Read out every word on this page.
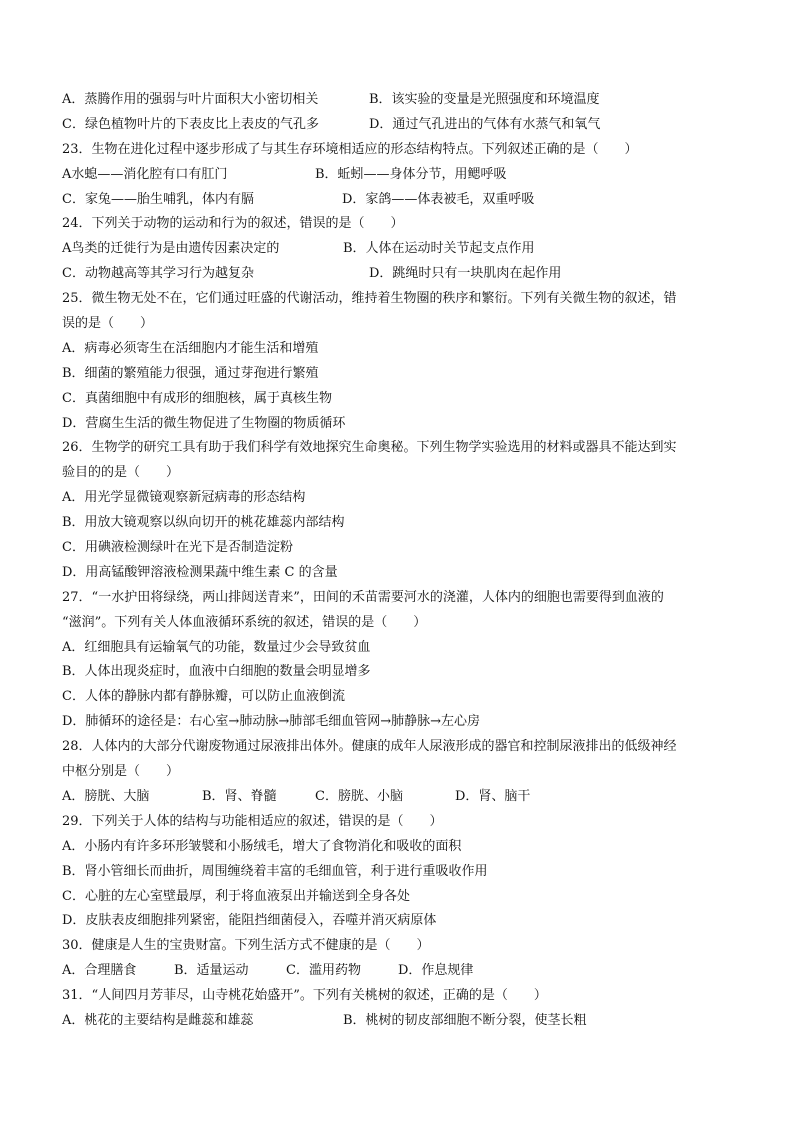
A．蒸腾作用的强弱与叶片面积大小密切相关	B．该实验的变量是光照强度和环境温度
C．绿色植物叶片的下表皮比上表皮的气孔多	D．通过气孔进出的气体有水蒸气和氧气
23．生物在进化过程中逐步形成了与其生存环境相适应的形态结构特点。下列叙述正确的是（　　）
A水螅——消化腔有口有肛门	B．蚯蚓——身体分节，用鳃呼吸
C．家兔——胎生哺乳，体内有膈	D．家鸽——体表被毛，双重呼吸
24．下列关于动物的运动和行为的叙述，错误的是（　　）
A鸟类的迁徙行为是由遗传因素决定的	B．人体在运动时关节起支点作用
C．动物越高等其学习行为越复杂	D．跳绳时只有一块肌肉在起作用
25．微生物无处不在，它们通过旺盛的代谢活动，维持着生物圈的秩序和繁衍。下列有关微生物的叙述，错
误的是（　　）
A．病毒必须寄生在活细胞内才能生活和增殖
B．细菌的繁殖能力很强，通过芽孢进行繁殖
C．真菌细胞中有成形的细胞核，属于真核生物
D．营腐生生活的微生物促进了生物圈的物质循环
26．生物学的研究工具有助于我们科学有效地探究生命奥秘。下列生物学实验选用的材料或器具不能达到实
验目的的是（　　）
A．用光学显微镜观察新冠病毒的形态结构
B．用放大镜观察以纵向切开的桃花雄蕊内部结构
C．用碘液检测绿叶在光下是否制造淀粉
D．用高锰酸钾溶液检测果蔬中维生素 C 的含量
27．“一水护田将绿绕，两山排闼送青来”，田间的禾苗需要河水的浇灌，人体内的细胞也需要得到血液的
“滋润”。下列有关人体血液循环系统的叙述，错误的是（　　）
A．红细胞具有运输氧气的功能，数量过少会导致贫血
B．人体出现炎症时，血液中白细胞的数量会明显增多
C．人体的静脉内都有静脉瓣，可以防止血液倒流
D．肺循环的途径是：右心室→肺动脉→肺部毛细血管网→肺静脉→左心房
28．人体内的大部分代谢废物通过尿液排出体外。健康的成年人尿液形成的器官和控制尿液排出的低级神经
中枢分别是（　　）
A．膀胱、大脑	B．肾、脊髓	C．膀胱、小脑	D．肾、脑干
29．下列关于人体的结构与功能相适应的叙述，错误的是（　　）
A．小肠内有许多环形皱襞和小肠绒毛，增大了食物消化和吸收的面积
B．肾小管细长而曲折，周围缠绕着丰富的毛细血管，利于进行重吸收作用
C．心脏的左心室壁最厚，利于将血液泵出并输送到全身各处
D．皮肤表皮细胞排列紧密，能阻挡细菌侵入，吞噬并消灭病原体
30．健康是人生的宝贵财富。下列生活方式不健康的是（　　）
A．合理膳食	B．适量运动	C．滥用药物	D．作息规律
31．“人间四月芳菲尽，山寺桃花始盛开”。下列有关桃树的叙述，正确的是（　　）
A．桃花的主要结构是雌蕊和雄蕊	B．桃树的韧皮部细胞不断分裂，使茎长粗
